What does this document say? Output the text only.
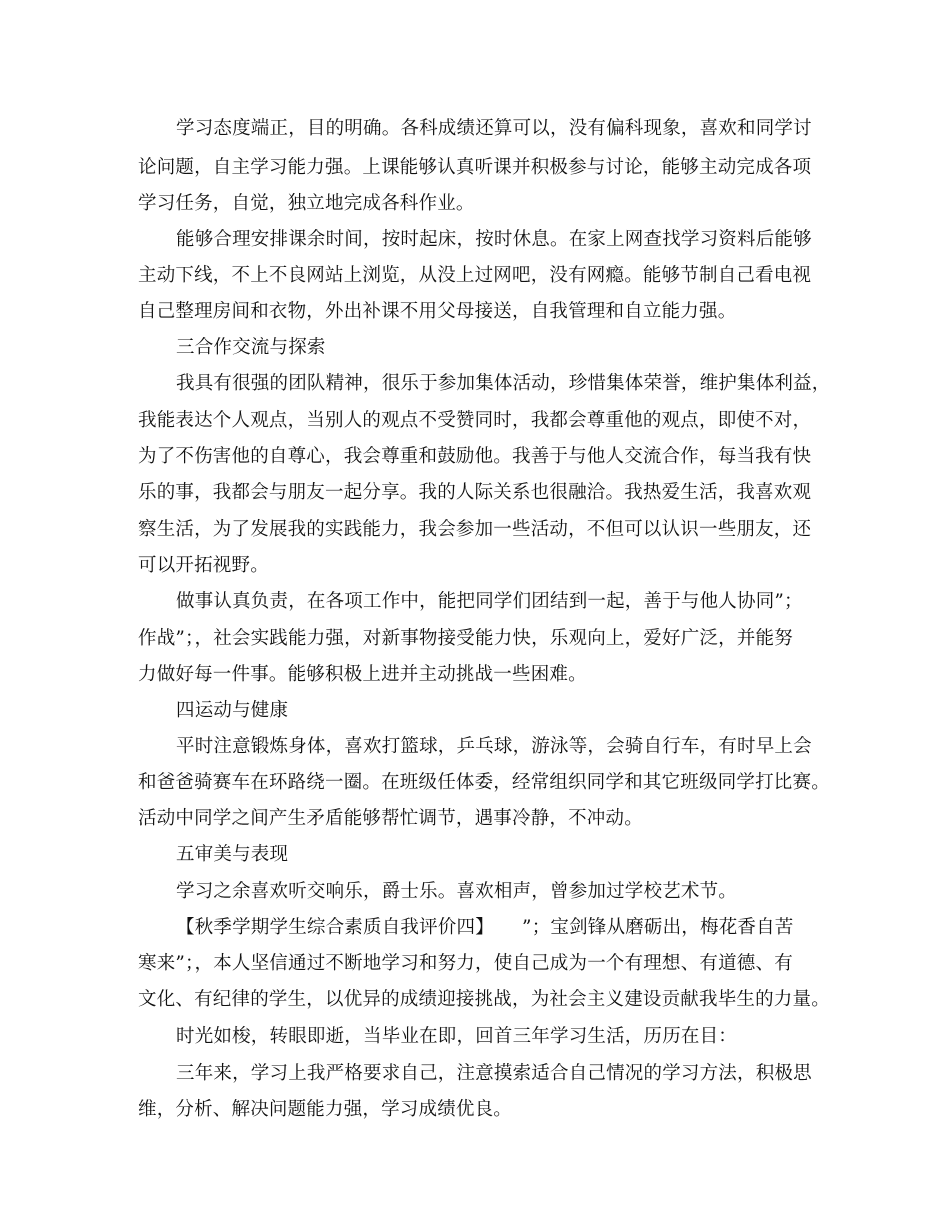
学习态度端正，目的明确。各科成绩还算可以，没有偏科现象，喜欢和同学讨
论问题，自主学习能力强。上课能够认真听课并积极参与讨论，能够主动完成各项
学习任务，自觉，独立地完成各科作业。
能够合理安排课余时间，按时起床，按时休息。在家上网查找学习资料后能够
主动下线，不上不良网站上浏览，从没上过网吧，没有网瘾。能够节制自己看电视
自己整理房间和衣物，外出补课不用父母接送，自我管理和自立能力强。
三合作交流与探索
我具有很强的团队精神，很乐于参加集体活动，珍惜集体荣誉，维护集体利益，
我能表达个人观点，当别人的观点不受赞同时，我都会尊重他的观点，即使不对，
为了不伤害他的自尊心，我会尊重和鼓励他。我善于与他人交流合作，每当我有快
乐的事，我都会与朋友一起分享。我的人际关系也很融洽。我热爱生活，我喜欢观
察生活，为了发展我的实践能力，我会参加一些活动，不但可以认识一些朋友，还
可以开拓视野。
做事认真负责，在各项工作中，能把同学们团结到一起，善于与他人协同”；
作战”；，社会实践能力强，对新事物接受能力快，乐观向上，爱好广泛，并能努
力做好每一件事。能够积极上进并主动挑战一些困难。
四运动与健康
平时注意锻炼身体，喜欢打篮球，乒乓球，游泳等，会骑自行车，有时早上会
和爸爸骑赛车在环路绕一圈。在班级任体委，经常组织同学和其它班级同学打比赛。
活动中同学之间产生矛盾能够帮忙调节，遇事冷静，不冲动。
五审美与表现
学习之余喜欢听交响乐，爵士乐。喜欢相声，曾参加过学校艺术节。
【秋季学期学生综合素质自我评价四】　　”；宝剑锋从磨砺出，梅花香自苦
寒来”；，本人坚信通过不断地学习和努力，使自己成为一个有理想、有道德、有
文化、有纪律的学生，以优异的成绩迎接挑战，为社会主义建设贡献我毕生的力量。
时光如梭，转眼即逝，当毕业在即，回首三年学习生活，历历在目：
三年来，学习上我严格要求自己，注意摸索适合自己情况的学习方法，积极思
维，分析、解决问题能力强，学习成绩优良。
